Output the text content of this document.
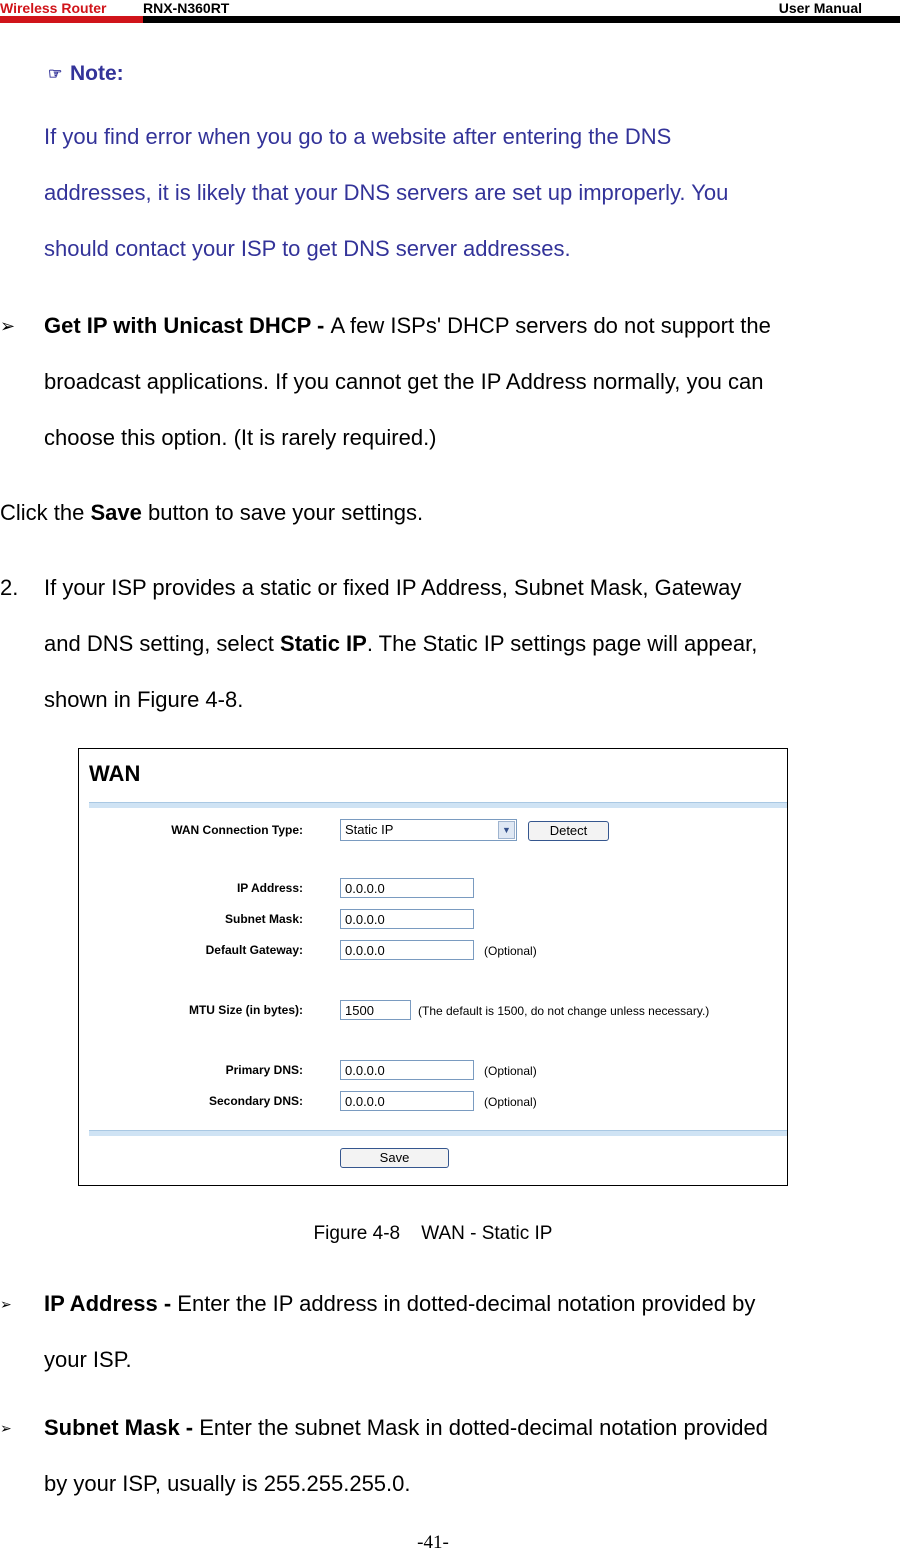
Wireless Router	RNX-N360RT	User Manual
☞ Note:
If you find error when you go to a website after entering the DNS
addresses, it is likely that your DNS servers are set up improperly. You
should contact your ISP to get DNS server addresses.
➢ Get IP with Unicast DHCP - A few ISPs' DHCP servers do not support the
broadcast applications. If you cannot get the IP Address normally, you can
choose this option. (It is rarely required.)
Click the Save button to save your settings.
2. If your ISP provides a static or fixed IP Address, Subnet Mask, Gateway
and DNS setting, select Static IP. The Static IP settings page will appear,
shown in Figure 4-8.
WAN
WAN Connection Type:	Static IP	▼	Detect
IP Address:	0.0.0.0
Subnet Mask:	0.0.0.0
Default Gateway:	0.0.0.0	(Optional)
MTU Size (in bytes):	1500	(The default is 1500, do not change unless necessary.)
Primary DNS:	0.0.0.0	(Optional)
Secondary DNS:	0.0.0.0	(Optional)
Save
Figure 4-8    WAN - Static IP
➢ IP Address - Enter the IP address in dotted-decimal notation provided by
your ISP.
➢ Subnet Mask - Enter the subnet Mask in dotted-decimal notation provided
by your ISP, usually is 255.255.255.0.
-41-
